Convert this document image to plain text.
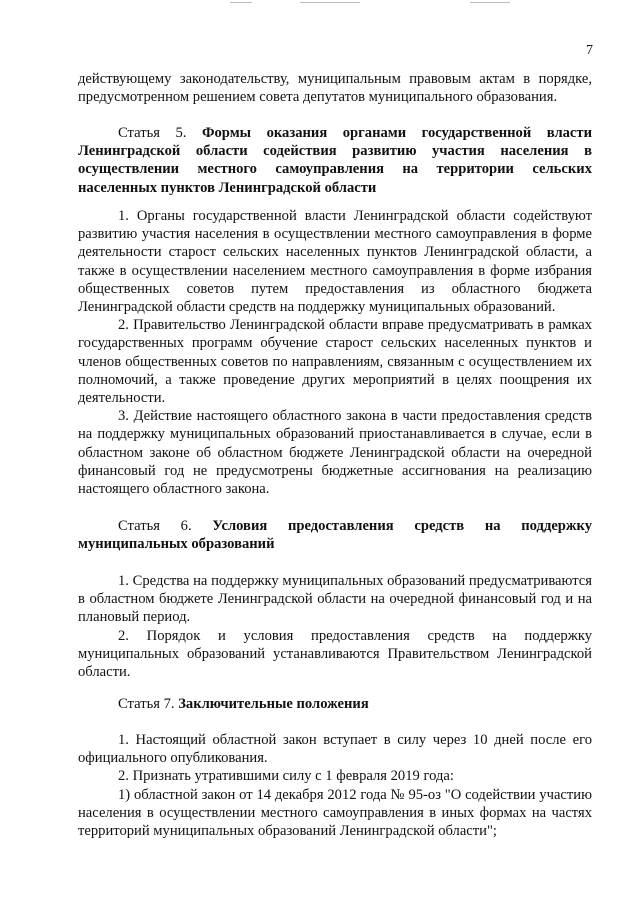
7

действующему законодательству, муниципальным правовым актам в порядке, предусмотренном решением совета депутатов муниципального образования.

Статья 5. Формы оказания органами государственной власти Ленинградской области содействия развитию участия населения в осуществлении местного самоуправления на территории сельских населенных пунктов Ленинградской области

1. Органы государственной власти Ленинградской области содействуют развитию участия населения в осуществлении местного самоуправления в форме деятельности старост сельских населенных пунктов Ленинградской области, а также в осуществлении населением местного самоуправления в форме избрания общественных советов путем предоставления из областного бюджета Ленинградской области средств на поддержку муниципальных образований.

2. Правительство Ленинградской области вправе предусматривать в рамках государственных программ обучение старост сельских населенных пунктов и членов общественных советов по направлениям, связанным с осуществлением их полномочий, а также проведение других мероприятий в целях поощрения их деятельности.

3. Действие настоящего областного закона в части предоставления средств на поддержку муниципальных образований приостанавливается в случае, если в областном законе об областном бюджете Ленинградской области на очередной финансовый год не предусмотрены бюджетные ассигнования на реализацию настоящего областного закона.

Статья 6. Условия предоставления средств на поддержку муниципальных образований

1. Средства на поддержку муниципальных образований предусматриваются в областном бюджете Ленинградской области на очередной финансовый год и на плановый период.

2. Порядок и условия предоставления средств на поддержку муниципальных образований устанавливаются Правительством Ленинградской области.

Статья 7. Заключительные положения

1. Настоящий областной закон вступает в силу через 10 дней после его официального опубликования.

2. Признать утратившими силу с 1 февраля 2019 года:

1) областной закон от 14 декабря 2012 года № 95-оз "О содействии участию населения в осуществлении местного самоуправления в иных формах на частях территорий муниципальных образований Ленинградской области";
